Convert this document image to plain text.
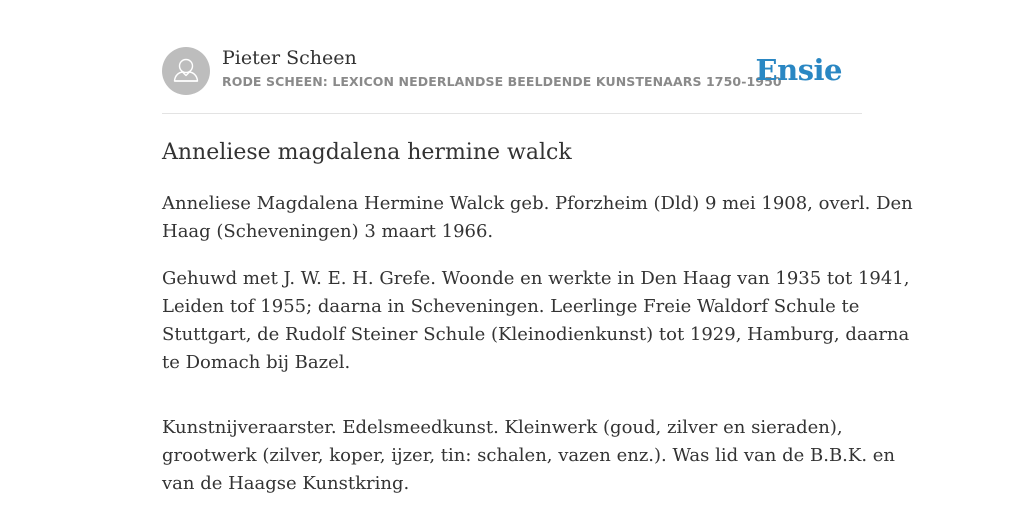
Pieter Scheen
RODE SCHEEN: LEXICON NEDERLANDSE BEELDENDE KUNSTENAARS 1750-1950
Ensie
Anneliese magdalena hermine walck

Anneliese Magdalena Hermine Walck geb. Pforzheim (Dld) 9 mei 1908, overl. Den
Haag (Scheveningen) 3 maart 1966.

Gehuwd met J. W. E. H. Grefe. Woonde en werkte in Den Haag van 1935 tot 1941,
Leiden tof 1955; daarna in Scheveningen. Leerlinge Freie Waldorf Schule te
Stuttgart, de Rudolf Steiner Schule (Kleinodienkunst) tot 1929, Hamburg, daarna
te Domach bij Bazel.

Kunstnijveraarster. Edelsmeedkunst. Kleinwerk (goud, zilver en sieraden),
grootwerk (zilver, koper, ijzer, tin: schalen, vazen enz.). Was lid van de B.B.K. en
van de Haagse Kunstkring.
